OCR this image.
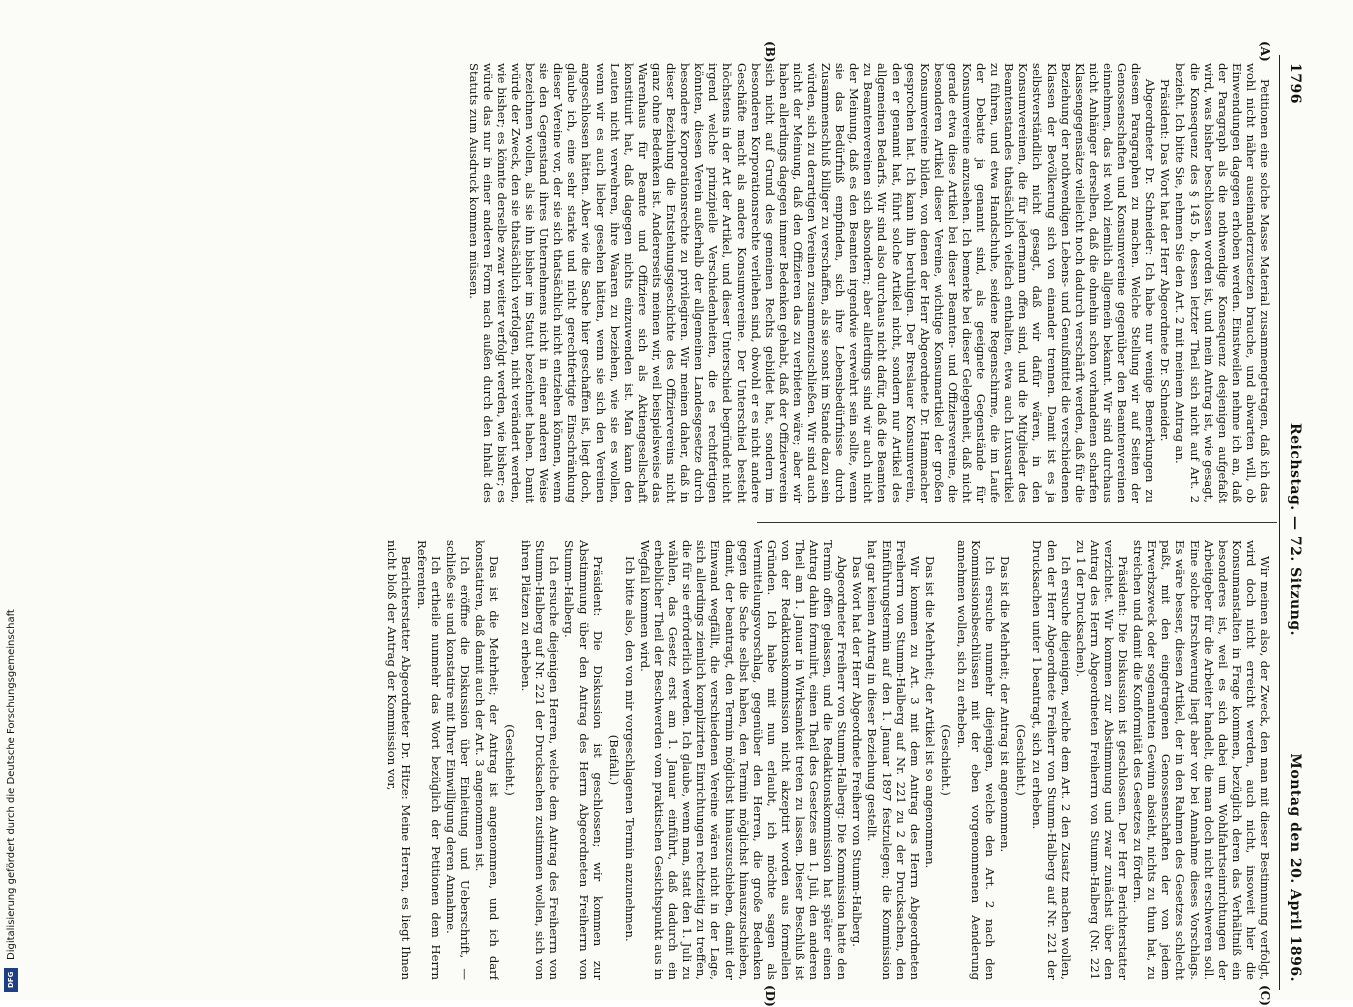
1796
Reichstag. — 72. Sitzung.
Montag den 20. April 1896.
(A)
(B)
(C)
(D)

Petitionen eine solche Masse Material zusammengetragen, daß ich das wohl nicht näher auseinanderzusetzen brauche, und abwarten will, ob Einwendungen dagegen erhoben werden. Einstweilen nehme ich an, daß der Paragraph als die nothwendige Konsequenz desjenigen aufgefaßt wird, was bisher beschlossen worden ist, und mein Antrag ist, wie gesagt, die Konsequenz des § 145 b, dessen letzter Theil sich nicht auf Art. 2 bezieht. Ich bitte Sie, nehmen Sie den Art. 2 mit meinem Antrag an.

Präsident: Das Wort hat der Herr Abgeordnete Dr. Schneider.

Abgeordneter Dr. Schneider: Ich habe nur wenige Bemerkungen zu diesem Paragraphen zu machen. Welche Stellung wir auf Seiten der Genossenschaften und Konsumvereine gegenüber den Beamtenvereinen einnehmen, das ist wohl ziemlich allgemein bekannt. Wir sind durchaus nicht Anhänger derselben, daß die ohnehin schon vorhandenen scharfen Klassengegensätze vielleicht noch dadurch verschärft werden, daß für die Beziehung der nothwendigen Lebens- und Genußmittel die verschiedenen Klassen der Bevölkerung sich von einander trennen. Damit ist es ja selbstverständlich nicht gesagt, daß wir dafür wären, in den Konsumvereinen, die für jedermann offen sind, und die Mitglieder des Beamtenstandes thatsächlich vielfach enthalten, etwa auch Luxusartikel zu führen, und etwa Handschuhe, seidene Regenschirme, die im Laufe der Debatte ja genannt sind, als geeignete Gegenstände für Konsumvereine anzusehen. Ich bemerke bei dieser Gelegenheit, daß nicht gerade etwa diese Artikel bei dieser Beamten- und Offiziersvereine, die besonderen Artikel dieser Vereine, wichtige Konsumartikel der großen Konsumvereine bilden, von denen der Herr Abgeordnete Dr. Hammacher gesprochen hat. Ich kann ihn beruhigen. Der Breslauer Konsumverein, den er genannt hat, führt solche Artikel nicht, sondern nur Artikel des allgemeinen Bedarfs. Wir sind also durchaus nicht dafür, daß die Beamten zu Beamtenvereinen sich absondern; aber allerdings sind wir auch nicht der Meinung, daß es den Beamten irgendwie verwehrt sein sollte, wenn sie das Bedürfniß empfinden, sich ihre Lebensbedürfnisse durch Zusammenschluß billiger zu verschaffen, als sie sonst im Stande dazu sein würden, sich zu derartigen Vereinen zusammenzuschließen. Wir sind auch nicht der Meinung, daß den Offizieren das zu verbieten wäre; aber wir haben allerdings dagegen immer Bedenken gehabt, daß der Offizierverein sich nicht auf Grund des gemeinen Rechts gebildet hat, sondern im besonderen Korporationsrechte verliehen sind, obwohl er es nicht andere Geschäfte macht als andere Konsumvereine. Der Unterschied besteht höchstens in der Art der Artikel, und dieser Unterschied begründet nicht irgend welche prinzipielle Verschiedenheiten, die es rechtfertigen könnten, diesen Verein außerhalb der allgemeinen Landesgesetze durch besondere Korporationsrechte zu privilegiren. Wir meinen daher, daß in dieser Beziehung die Entstehungsgeschichte des Offiziervereins nicht ganz ohne Bedenken ist. Andererseits meinen wir, weil beispielsweise das Warenhaus für Beamte und Offiziere sich als Aktiengesellschaft konstituirt hat, daß dagegen nichts einzuwenden ist. Man kann den Leuten nicht verwehren, ihre Waaren zu beziehen, wie sie es wollen, wenn wir es auch lieber gesehen hätten, wenn sie sich den Vereinen angeschlossen hätten. Aber wie die Sache hier geschaffen ist, liegt doch, glaube ich, eine sehr starke und nicht gerechtfertigte Einschränkung dieser Vereine vor, der sie sich thatsächlich nicht entziehen können, wenn sie den Gegenstand ihres Unternehmens nicht in einer anderen Weise bezeichnen wollen, als sie ihn bisher im Statut bezeichnet haben. Damit würde der Zweck, den sie thatsächlich verfolgen, nicht verändert werden, wie bisher; es könnte derselbe zwar weiter verfolgt werden, wie bisher; es würde das nur in einer anderen Form nach außen durch den Inhalt des Statuts zum Ausdruck kommen müssen.

Wir meinen also, der Zweck, den man mit dieser Bestimmung verfolgt, wird doch nicht erreicht werden, auch nicht, insoweit hier die Konsumanstalten in Frage kommen, bezüglich deren das Verhältniß ein besonderes ist, weil es sich dabei um Wohlfahrtseinrichtungen der Arbeitgeber für die Arbeiter handelt, die man doch nicht erschweren soll. Eine solche Erschwerung liegt aber vor bei Annahme dieses Vorschlags. Es wäre besser, diesen Artikel, der in den Rahmen des Gesetzes schlecht paßt, mit den eingetragenen Genossenschaften der von jedem Erwerbszweck oder sogenannten Gewinn absieht, nichts zu thun hat, zu streichen und damit die Konformität des Gesetzes zu fördern.

Präsident: Die Diskussion ist geschlossen. Der Herr Berichterstatter verzichtet. Wir kommen zur Abstimmung und zwar zunächst über den Antrag des Herrn Abgeordneten Freiherrn von Stumm-Halberg (Nr. 221 zu 1 der Drucksachen).

Ich ersuche diejenigen, welche dem Art. 2 den Zusatz machen wollen, den der Herr Abgeordnete Freiherr von Stumm-Halberg auf Nr. 221 der Drucksachen unter 1 beantragt, sich zu erheben.

(Geschieht.)

Das ist die Mehrheit; der Antrag ist angenommen.

Ich ersuche nunmehr diejenigen, welche den Art. 2 nach den Kommissionsbeschlüssen mit der eben vorgenommenen Aenderung annehmen wollen, sich zu erheben.

(Geschieht.)

Das ist die Mehrheit; der Artikel ist so angenommen.

Wir kommen zu Art. 3 mit dem Antrag des Herrn Abgeordneten Freiherrn von Stumm-Halberg auf Nr. 221 zu 2 der Drucksachen, den Einführungstermin auf den 1. Januar 1897 festzulegen; die Kommission hat gar keinen Antrag in dieser Beziehung gestellt.

Das Wort hat der Herr Abgeordnete Freiherr von Stumm-Halberg.

Abgeordneter Freiherr von Stumm-Halberg: Die Kommission hatte den Termin offen gelassen, und die Redaktionskommission hat später einen Antrag dahin formulirt, einen Theil des Gesetzes am 1. Juli, den anderen Theil am 1. Januar in Wirksamkeit treten zu lassen. Dieser Beschluß ist von der Redaktionskommission nicht akzeptirt worden aus formellen Gründen. Ich habe mit nun erlaubt, ich möchte sagen als Vermittelungsvorschlag, gegenüber den Herren, die große Bedenken gegen die Sache selbst haben, den Termin möglichst hinauszuschieben, damit, der beantragt, den Termin möglichst hinauszuschieben, damit der Einwand wegfällt, die verschiedenen Vereine wären nicht in der Lage, sich allerdings ziemlich komplizirten Einrichtungen rechtzeitig zu treffen, die für sie erforderlich werden. Ich glaube, wenn man, statt den 1. Juli zu wählen, das Gesetz erst am 1. Januar einführt, daß dadurch ein erheblicher Theil der Beschwerden vom praktischen Gesichtspunkt aus in Wegfall kommen wird.

Ich bitte also, den von mir vorgeschlagenen Termin anzunehmen.

(Beifall.)

Präsident: Die Diskussion ist geschlossen; wir kommen zur Abstimmung über den Antrag des Herrn Abgeordneten Freiherrn von Stumm-Halberg.

Ich ersuche diejenigen Herren, welche dem Antrag des Freiherrn von Stumm-Halberg auf Nr. 221 der Drucksachen zustimmen wollen, sich von ihren Plätzen zu erheben.

(Geschieht.)

Das ist die Mehrheit; der Antrag ist angenommen, und ich darf konstatiren, daß damit auch der Art. 3 angenommen ist.

Ich eröffne die Diskussion über Einleitung und Ueberschrift, — schließe sie und konstatire mit Ihrer Einwilligung deren Annahme.

Ich ertheile nunmehr das Wort bezüglich der Petitionen dem Herrn Referenten.

Berichterstatter Abgeordneter Dr. Hitze: Meine Herren, es liegt Ihnen nicht bloß der Antrag der Kommission vor,

Digitalisierung gefördert durch die Deutsche Forschungsgemeinschaft
DFG
